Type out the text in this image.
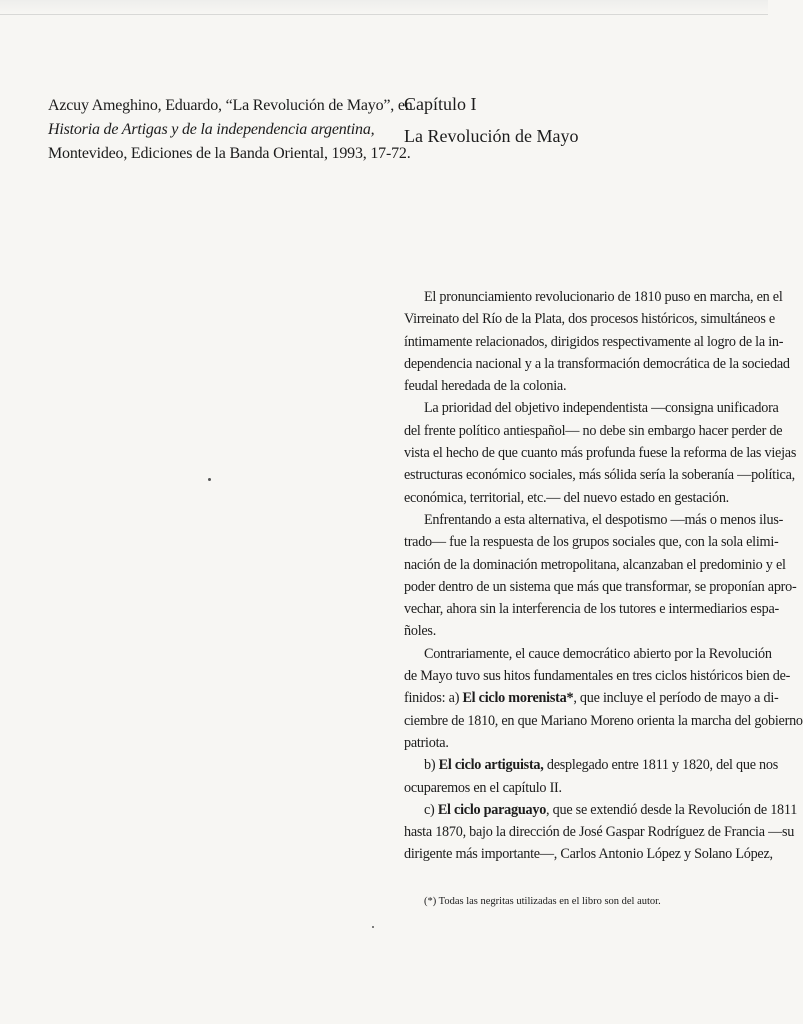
Azcuy Ameghino, Eduardo, “La Revolución de Mayo”, en
Historia de Artigas y de la independencia argentina,
Montevideo, Ediciones de la Banda Oriental, 1993, 17-72.
Capítulo I
La Revolución de Mayo
El pronunciamiento revolucionario de 1810 puso en marcha, en el
Virreinato del Río de la Plata, dos procesos históricos, simultáneos e
íntimamente relacionados, dirigidos respectivamente al logro de la in-
dependencia nacional y a la transformación democrática de la sociedad
feudal heredada de la colonia.
La prioridad del objetivo independentista —consigna unificadora
del frente político antiespañol— no debe sin embargo hacer perder de
vista el hecho de que cuanto más profunda fuese la reforma de las viejas
estructuras económico sociales, más sólida sería la soberanía —política,
económica, territorial, etc.— del nuevo estado en gestación.
Enfrentando a esta alternativa, el despotismo —más o menos ilus-
trado— fue la respuesta de los grupos sociales que, con la sola elimi-
nación de la dominación metropolitana, alcanzaban el predominio y el
poder dentro de un sistema que más que transformar, se proponían apro-
vechar, ahora sin la interferencia de los tutores e intermediarios espa-
ñoles.
Contrariamente, el cauce democrático abierto por la Revolución
de Mayo tuvo sus hitos fundamentales en tres ciclos históricos bien de-
finidos: a) El ciclo morenista*, que incluye el período de mayo a di-
ciembre de 1810, en que Mariano Moreno orienta la marcha del gobierno
patriota.
b) El ciclo artiguista, desplegado entre 1811 y 1820, del que nos
ocuparemos en el capítulo II.
c) El ciclo paraguayo, que se extendió desde la Revolución de 1811
hasta 1870, bajo la dirección de José Gaspar Rodríguez de Francia —su
dirigente más importante—, Carlos Antonio López y Solano López,
(*) Todas las negritas utilizadas en el libro son del autor.
